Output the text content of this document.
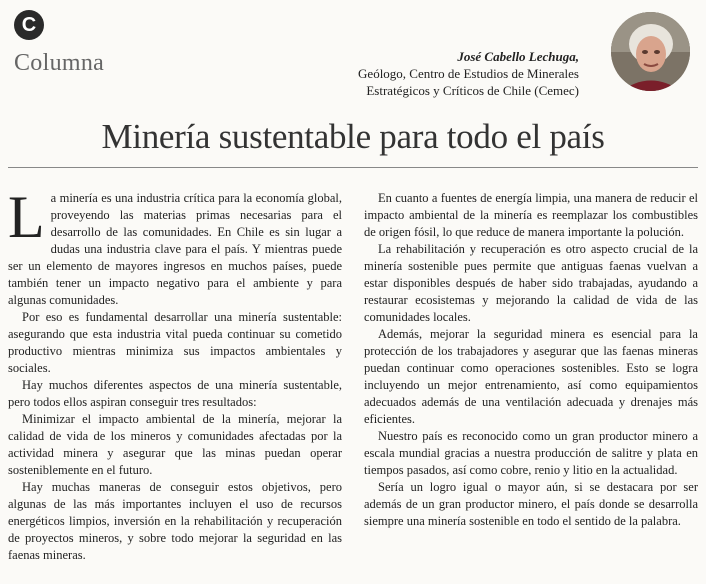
C
Columna	José Cabello Lechuga,
Geólogo, Centro de Estudios de Minerales
Estratégicos y Críticos de Chile (Cemec)
Minería sustentable para todo el país

La minería es una industria crítica para la economía global, proveyendo las materias primas necesarias para el desarrollo de las comunidades. En Chile es sin lugar a dudas una industria clave para el país. Y mientras puede ser un elemento de mayores ingresos en muchos países, puede también tener un impacto negativo para el ambiente y para algunas comunidades.

Por eso es fundamental desarrollar una minería sustentable: asegurando que esta industria vital pueda continuar su cometido productivo mientras minimiza sus impactos ambientales y sociales.

Hay muchos diferentes aspectos de una minería sustentable, pero todos ellos aspiran conseguir tres resultados:

Minimizar el impacto ambiental de la minería, mejorar la calidad de vida de los mineros y comunidades afectadas por la actividad minera y asegurar que las minas puedan operar sosteniblemente en el futuro.

Hay muchas maneras de conseguir estos objetivos, pero algunas de las más importantes incluyen el uso de recursos energéticos limpios, inversión en la rehabilitación y recuperación de proyectos mineros, y sobre todo mejorar la seguridad en las faenas mineras.

En cuanto a fuentes de energía limpia, una manera de reducir el impacto ambiental de la minería es reemplazar los combustibles de origen fósil, lo que reduce de manera importante la polución.

La rehabilitación y recuperación es otro aspecto crucial de la minería sostenible pues permite que antiguas faenas vuelvan a estar disponibles después de haber sido trabajadas, ayudando a restaurar ecosistemas y mejorando la calidad de vida de las comunidades locales.

Además, mejorar la seguridad minera es esencial para la protección de los trabajadores y asegurar que las faenas mineras puedan continuar como operaciones sostenibles. Esto se logra incluyendo un mejor entrenamiento, así como equipamientos adecuados además de una ventilación adecuada y drenajes más eficientes.

Nuestro país es reconocido como un gran productor minero a escala mundial gracias a nuestra producción de salitre y plata en tiempos pasados, así como cobre, renio y litio en la actualidad.

Sería un logro igual o mayor aún, si se destacara por ser además de un gran productor minero, el país donde se desarrolla siempre una minería sostenible en todo el sentido de la palabra.
